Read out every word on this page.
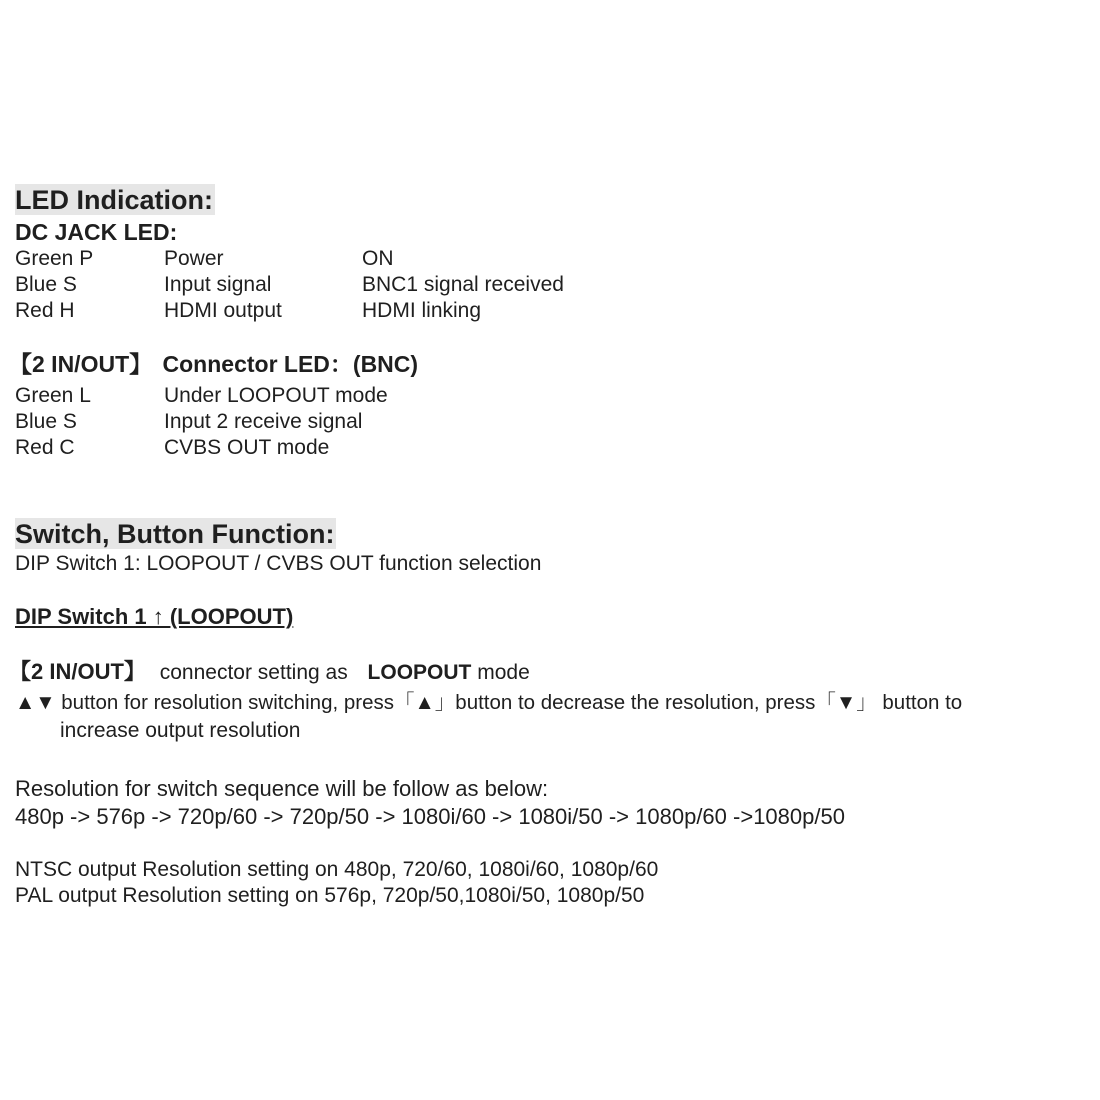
LED Indication:
DC JACK LED:
Green P	Power	ON
Blue S	Input signal	BNC1 signal received
Red H	HDMI output	HDMI linking
【2 IN/OUT】 Connector LED：(BNC)
Green L	Under LOOPOUT mode
Blue S	Input 2 receive signal
Red C	CVBS OUT mode
Switch, Button Function:
DIP Switch 1: LOOPOUT / CVBS OUT function selection
DIP Switch 1 ↑ (LOOPOUT)
【2 IN/OUT】 connector setting as LOOPOUT mode
▲▼ button for resolution switching, press「▲」button to decrease the resolution, press「▼」 button to
increase output resolution
Resolution for switch sequence will be follow as below:
480p -> 576p -> 720p/60 -> 720p/50 -> 1080i/60 -> 1080i/50 -> 1080p/60 ->1080p/50
NTSC output Resolution setting on 480p, 720/60, 1080i/60, 1080p/60
PAL output Resolution setting on 576p, 720p/50,1080i/50, 1080p/50
